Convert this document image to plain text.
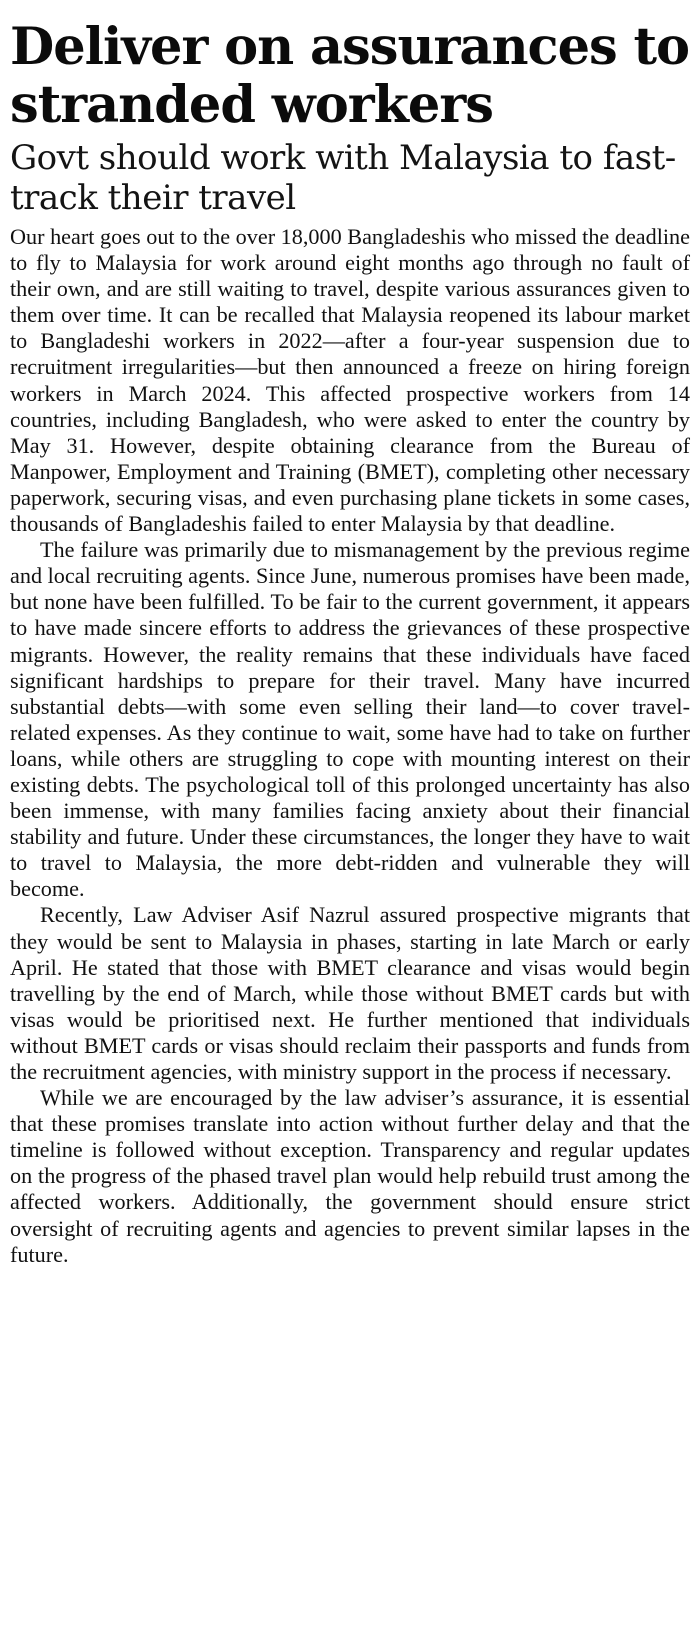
Deliver on assurances to stranded workers
Govt should work with Malaysia to fast-track their travel

Our heart goes out to the over 18,000 Bangladeshis who missed the deadline to fly to Malaysia for work around eight months ago through no fault of their own, and are still waiting to travel, despite various assurances given to them over time. It can be recalled that Malaysia reopened its labour market to Bangladeshi workers in 2022—after a four-year suspension due to recruitment irregularities—but then announced a freeze on hiring foreign workers in March 2024. This affected prospective workers from 14 countries, including Bangladesh, who were asked to enter the country by May 31. However, despite obtaining clearance from the Bureau of Manpower, Employment and Training (BMET), completing other necessary paperwork, securing visas, and even purchasing plane tickets in some cases, thousands of Bangladeshis failed to enter Malaysia by that deadline.

The failure was primarily due to mismanagement by the previous regime and local recruiting agents. Since June, numerous promises have been made, but none have been fulfilled. To be fair to the current government, it appears to have made sincere efforts to address the grievances of these prospective migrants. However, the reality remains that these individuals have faced significant hardships to prepare for their travel. Many have incurred substantial debts—with some even selling their land—to cover travel-related expenses. As they continue to wait, some have had to take on further loans, while others are struggling to cope with mounting interest on their existing debts. The psychological toll of this prolonged uncertainty has also been immense, with many families facing anxiety about their financial stability and future. Under these circumstances, the longer they have to wait to travel to Malaysia, the more debt-ridden and vulnerable they will become.

Recently, Law Adviser Asif Nazrul assured prospective migrants that they would be sent to Malaysia in phases, starting in late March or early April. He stated that those with BMET clearance and visas would begin travelling by the end of March, while those without BMET cards but with visas would be prioritised next. He further mentioned that individuals without BMET cards or visas should reclaim their passports and funds from the recruitment agencies, with ministry support in the process if necessary.

While we are encouraged by the law adviser’s assurance, it is essential that these promises translate into action without further delay and that the timeline is followed without exception. Transparency and regular updates on the progress of the phased travel plan would help rebuild trust among the affected workers. Additionally, the government should ensure strict oversight of recruiting agents and agencies to prevent similar lapses in the future.
